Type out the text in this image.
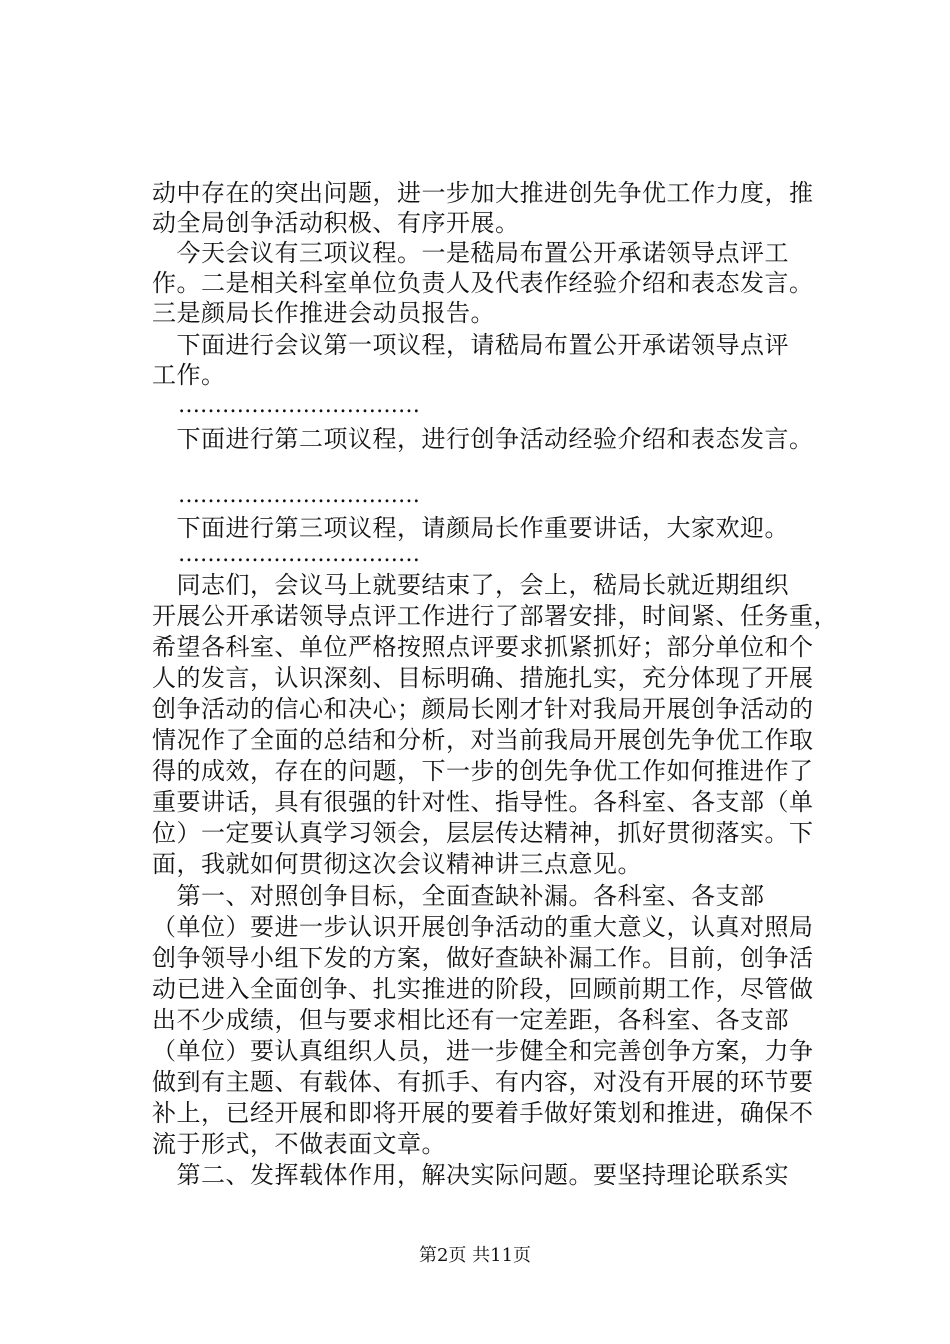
动中存在的突出问题，进一步加大推进创先争优工作力度，推
动全局创争活动积极、有序开展。
　今天会议有三项议程。一是嵇局布置公开承诺领导点评工
作。二是相关科室单位负责人及代表作经验介绍和表态发言。
三是颜局长作推进会动员报告。
　下面进行会议第一项议程，请嵇局布置公开承诺领导点评
工作。
……………………………
　下面进行第二项议程，进行创争活动经验介绍和表态发言。
……………………………
　下面进行第三项议程，请颜局长作重要讲话，大家欢迎。
……………………………
　同志们，会议马上就要结束了，会上，嵇局长就近期组织
开展公开承诺领导点评工作进行了部署安排，时间紧、任务重，
希望各科室、单位严格按照点评要求抓紧抓好；部分单位和个
人的发言，认识深刻、目标明确、措施扎实，充分体现了开展
创争活动的信心和决心；颜局长刚才针对我局开展创争活动的
情况作了全面的总结和分析，对当前我局开展创先争优工作取
得的成效，存在的问题，下一步的创先争优工作如何推进作了
重要讲话，具有很强的针对性、指导性。各科室、各支部（单
位）一定要认真学习领会，层层传达精神，抓好贯彻落实。下
面，我就如何贯彻这次会议精神讲三点意见。
　第一、对照创争目标，全面查缺补漏。各科室、各支部
（单位）要进一步认识开展创争活动的重大意义，认真对照局
创争领导小组下发的方案，做好查缺补漏工作。目前，创争活
动已进入全面创争、扎实推进的阶段，回顾前期工作，尽管做
出不少成绩，但与要求相比还有一定差距，各科室、各支部
（单位）要认真组织人员，进一步健全和完善创争方案，力争
做到有主题、有载体、有抓手、有内容，对没有开展的环节要
补上，已经开展和即将开展的要着手做好策划和推进，确保不
流于形式，不做表面文章。
　第二、发挥载体作用，解决实际问题。要坚持理论联系实
第2页 共11页
